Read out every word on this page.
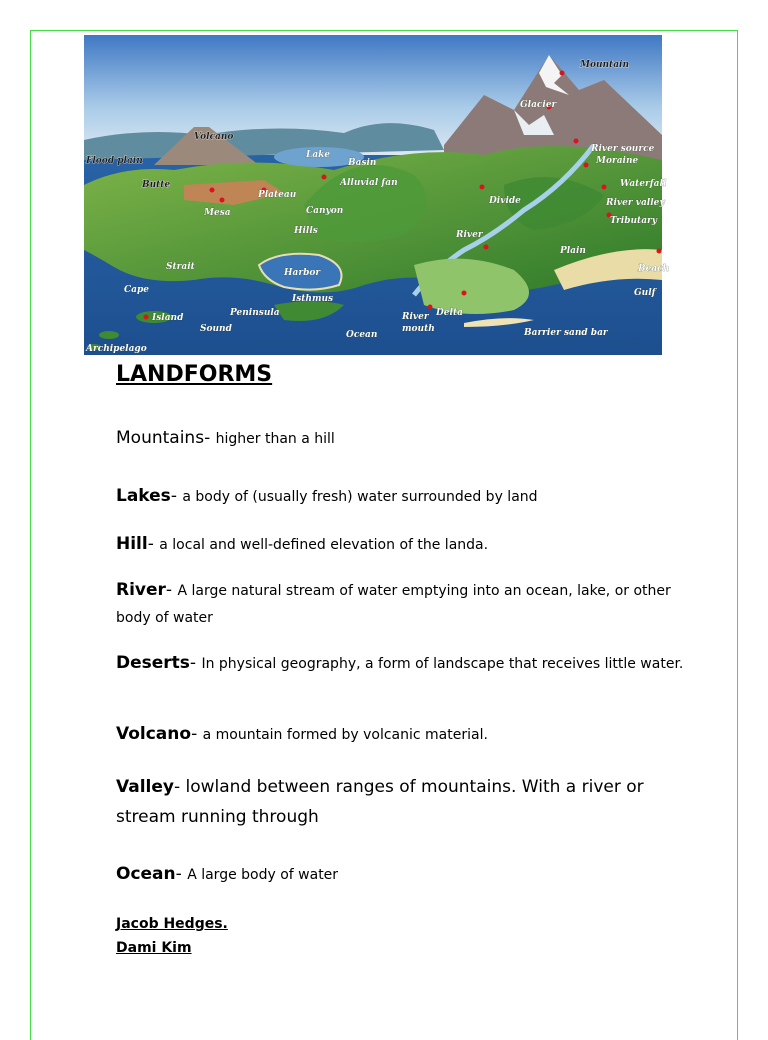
Mountain
Glacier
Volcano
Flood plain
Lake
Basin
Alluvial fan
River source
Moraine
Waterfall
Butte
Plateau
Mesa	Canyon
Divide	River valley
Tributary
Hills	River
Plain
Strait
Harbor	Beach
Cape
Isthmus
Gulf
Island	Peninsula
Sound
River
mouth
Delta
Ocean	Barrier sand bar
Archipelago
LANDFORMS
Mountains- higher than a hill
Lakes- a body of (usually fresh) water surrounded by land
Hill- a local and well-defined elevation of the landa.
River- A large natural stream of water emptying into an ocean, lake, or other body of water
Deserts- In physical geography, a form of landscape that receives little water.
Volcano- a mountain formed by volcanic material.
Valley- lowland between ranges of mountains. With a river or stream running through
Ocean- A large body of water
Jacob Hedges.
Dami Kim
